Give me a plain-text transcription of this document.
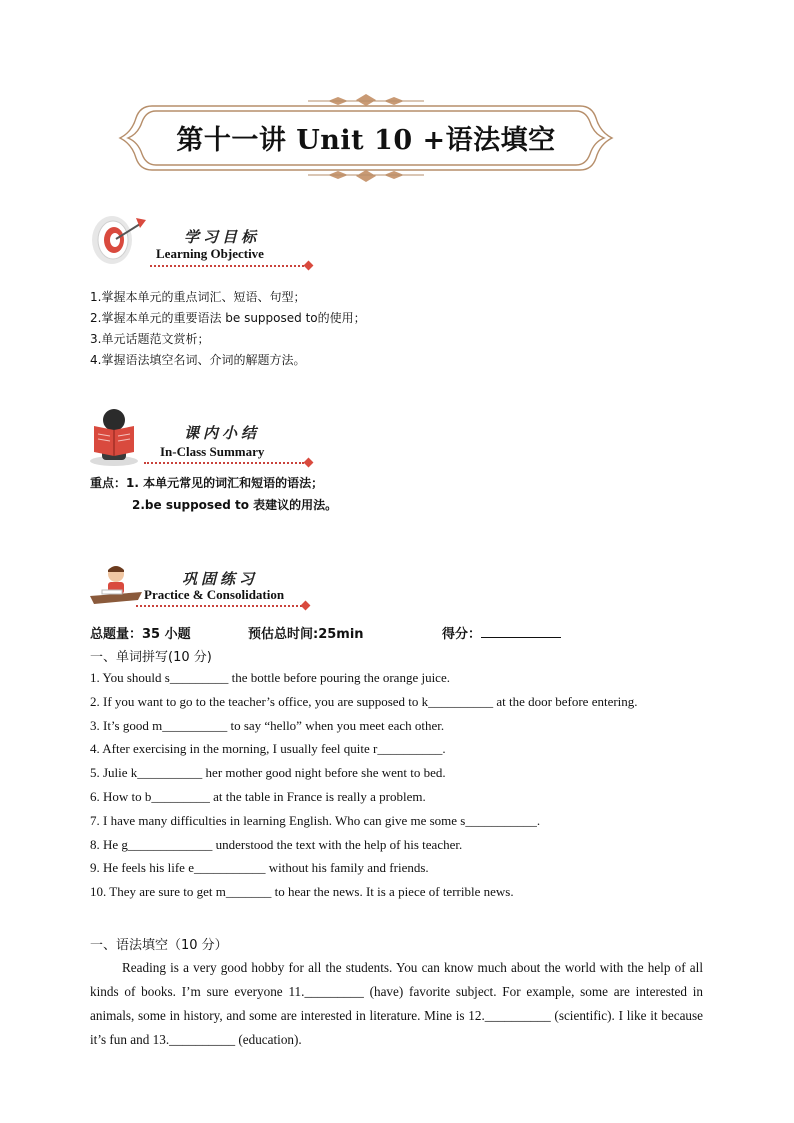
第十一讲 Unit 10 +语法填空
学习目标
Learning Objective
1.掌握本单元的重点词汇、短语、句型；
2.掌握本单元的重要语法 be supposed to的使用；
3.单元话题范文赏析；
4.掌握语法填空名词、介词的解题方法。
课内小结
In-Class Summary
重点：1. 本单元常见的词汇和短语的语法；
2.be supposed to 表建议的用法。
巩固练习
Practice & Consolidation
总题量：35 小题	预估总时间:25min	得分：
一、单词拼写(10 分)
1. You should s_________ the bottle before pouring the orange juice.
2. If you want to go to the teacher’s office, you are supposed to k__________ at the door before entering.
3. It’s good m__________ to say “hello” when you meet each other.
4. After exercising in the morning, I usually feel quite r__________.
5. Julie k__________ her mother good night before she went to bed.
6. How to b_________ at the table in France is really a problem.
7. I have many difficulties in learning English. Who can give me some s___________.
8. He g_____________ understood the text with the help of his teacher.
9. He feels his life e___________ without his family and friends.
10. They are sure to get m_______ to hear the news. It is a piece of terrible news.
一、语法填空（10 分）

Reading is a very good hobby for all the students. You can know much about the world with the help of all kinds of books. I’m sure everyone 11._________ (have) favorite subject. For example, some are interested in animals, some in history, and some are interested in literature. Mine is 12.__________ (scientific). I like it because it’s fun and 13.__________ (education).
